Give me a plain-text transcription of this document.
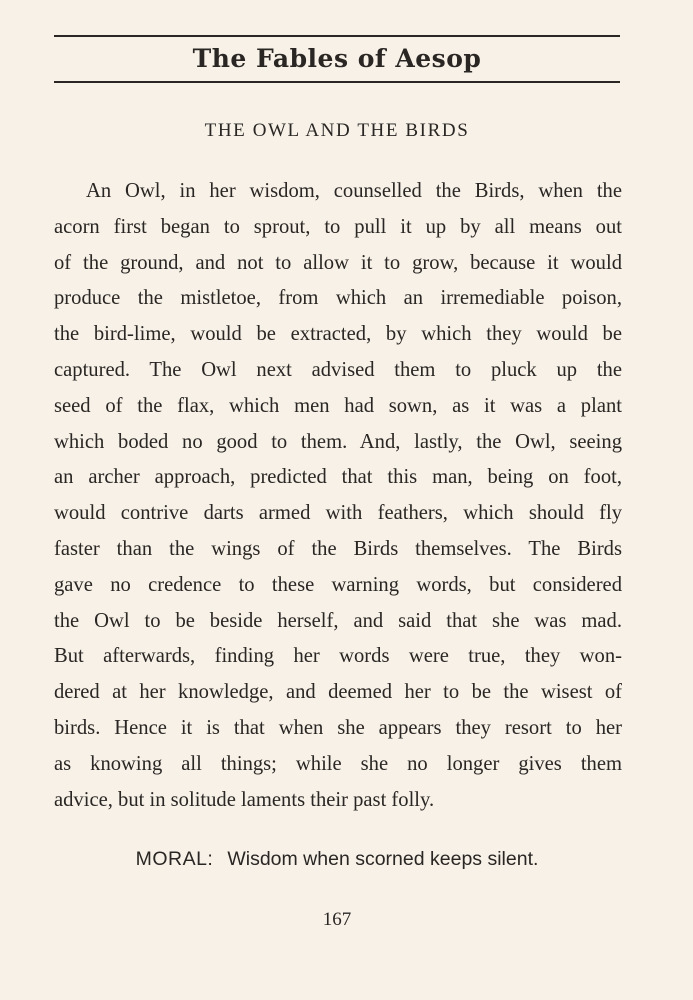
The Fables of Aesop
THE OWL AND THE BIRDS
An Owl, in her wisdom, counselled the Birds, when the
acorn first began to sprout, to pull it up by all means out
of the ground, and not to allow it to grow, because it would
produce the mistletoe, from which an irremediable poison,
the bird-lime, would be extracted, by which they would be
captured. The Owl next advised them to pluck up the
seed of the flax, which men had sown, as it was a plant
which boded no good to them. And, lastly, the Owl, seeing
an archer approach, predicted that this man, being on foot,
would contrive darts armed with feathers, which should fly
faster than the wings of the Birds themselves. The Birds
gave no credence to these warning words, but considered
the Owl to be beside herself, and said that she was mad.
But afterwards, finding her words were true, they won-
dered at her knowledge, and deemed her to be the wisest of
birds. Hence it is that when she appears they resort to her
as knowing all things; while she no longer gives them
advice, but in solitude laments their past folly.
MORAL: Wisdom when scorned keeps silent.
167
